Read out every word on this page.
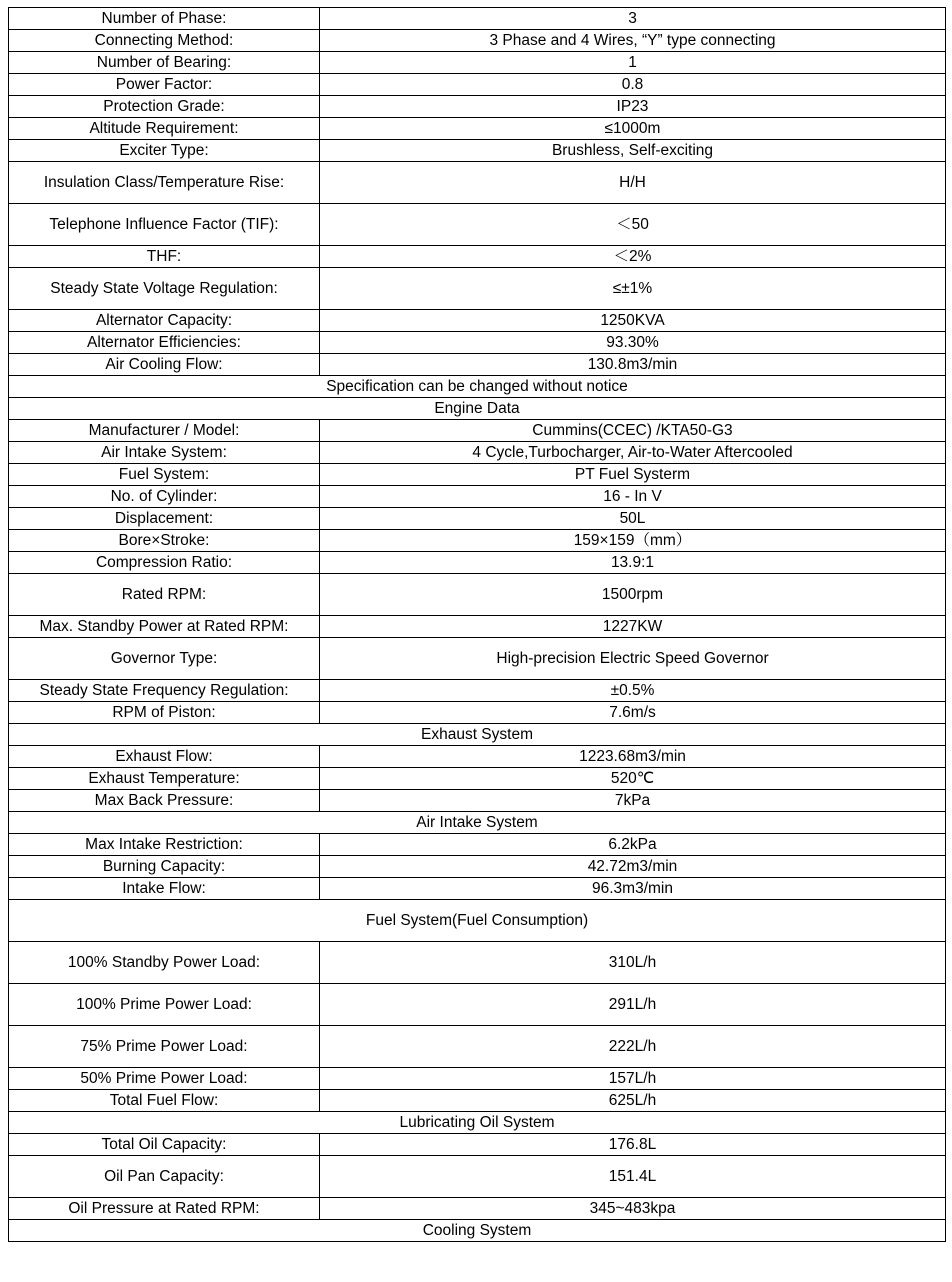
Number of Phase:	3
Connecting Method:	3 Phase and 4 Wires, “Y” type connecting
Number of Bearing:	1
Power Factor:	0.8
Protection Grade:	IP23
Altitude Requirement:	≤1000m
Exciter Type:	Brushless, Self-exciting
Insulation Class/Temperature Rise:	H/H
Telephone Influence Factor (TIF):	＜50
THF:	＜2%
Steady State Voltage Regulation:	≤±1%
Alternator Capacity:	1250KVA
Alternator Efficiencies:	93.30%
Air Cooling Flow:	130.8m3/min
Specification can be changed without notice	
Engine Data	
Manufacturer / Model:	Cummins(CCEC) /KTA50-G3
Air Intake System:	4 Cycle,Turbocharger, Air-to-Water Aftercooled
Fuel System:	PT Fuel Systerm
No. of Cylinder:	16 - In V
Displacement:	50L
Bore×Stroke:	159×159（mm）
Compression Ratio:	13.9:1
Rated RPM:	1500rpm
Max. Standby Power at Rated RPM:	1227KW
Governor Type:	High-precision Electric Speed Governor
Steady State Frequency Regulation:	±0.5%
RPM of Piston:	7.6m/s
Exhaust System	
Exhaust Flow:	1223.68m3/min
Exhaust Temperature:	520℃
Max Back Pressure:	7kPa
Air Intake System	
Max Intake Restriction:	6.2kPa
Burning Capacity:	42.72m3/min
Intake Flow:	96.3m3/min
Fuel System(Fuel Consumption)	
100% Standby Power Load:	310L/h
100% Prime Power Load:	291L/h
75% Prime Power Load:	222L/h
50% Prime Power Load:	157L/h
Total Fuel Flow:	625L/h
Lubricating Oil System	
Total Oil Capacity:	176.8L
Oil Pan Capacity:	151.4L
Oil Pressure at Rated RPM:	345~483kpa
Cooling System	
